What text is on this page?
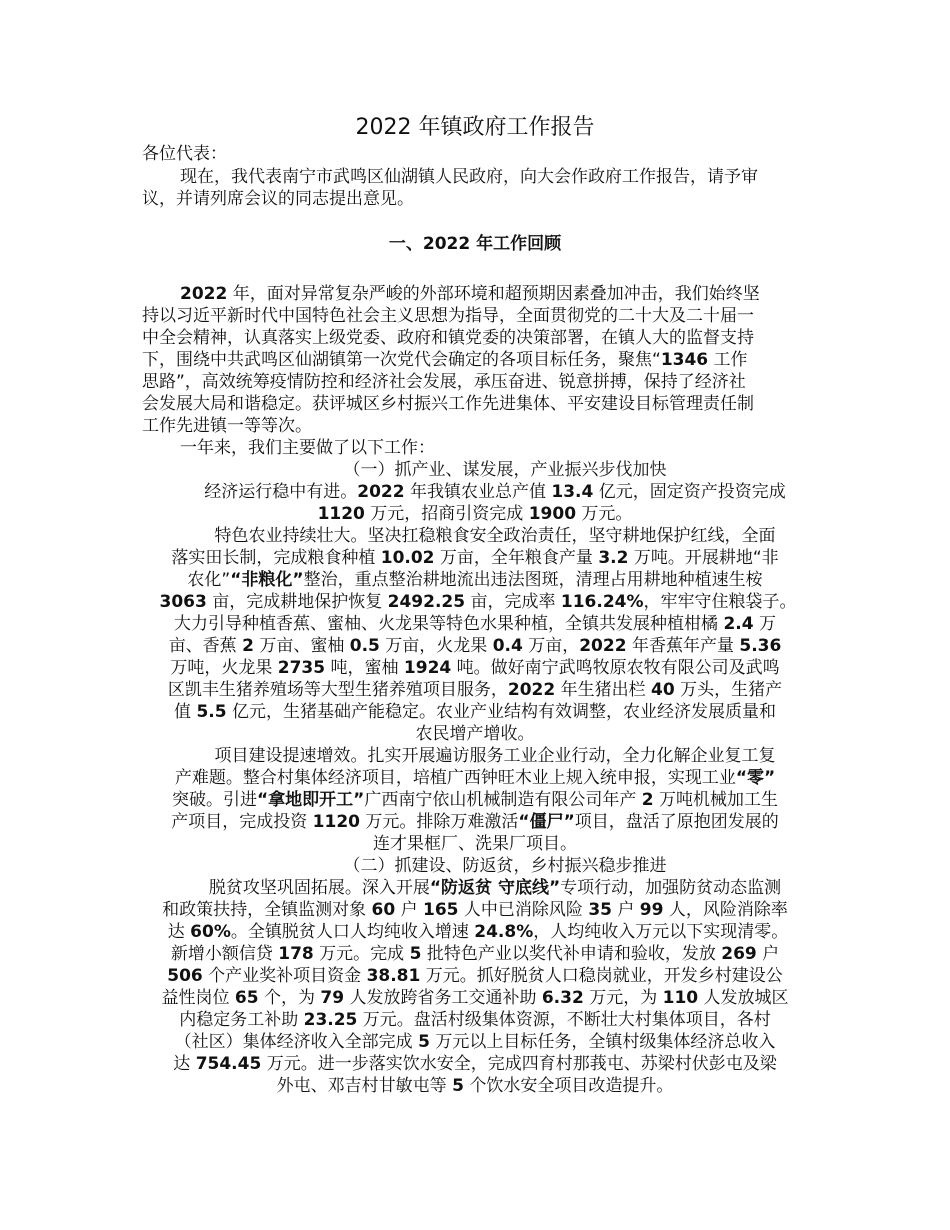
2022 年镇政府工作报告
各位代表：
现在，我代表南宁市武鸣区仙湖镇人民政府，向大会作政府工作报告，请予审
议，并请列席会议的同志提出意见。
一、2022 年工作回顾
2022 年，面对异常复杂严峻的外部环境和超预期因素叠加冲击，我们始终坚
持以习近平新时代中国特色社会主义思想为指导，全面贯彻党的二十大及二十届一
中全会精神，认真落实上级党委、政府和镇党委的决策部署，在镇人大的监督支持
下，围绕中共武鸣区仙湖镇第一次党代会确定的各项目标任务，聚焦“1346 工作
思路”，高效统筹疫情防控和经济社会发展，承压奋进、锐意拼搏，保持了经济社
会发展大局和谐稳定。获评城区乡村振兴工作先进集体、平安建设目标管理责任制
工作先进镇一等等次。
一年来，我们主要做了以下工作：
（一）抓产业、谋发展，产业振兴步伐加快
经济运行稳中有进。2022 年我镇农业总产值 13.4 亿元，固定资产投资完成
1120 万元，招商引资完成 1900 万元。
特色农业持续壮大。坚决扛稳粮食安全政治责任，坚守耕地保护红线，全面
落实田长制，完成粮食种植 10.02 万亩，全年粮食产量 3.2 万吨。开展耕地“非
农化”“非粮化”整治，重点整治耕地流出违法图斑，清理占用耕地种植速生桉
3063 亩，完成耕地保护恢复 2492.25 亩，完成率 116.24%，牢牢守住粮袋子。
大力引导种植香蕉、蜜柚、火龙果等特色水果种植，全镇共发展种植柑橘 2.4 万
亩、香蕉 2 万亩、蜜柚 0.5 万亩，火龙果 0.4 万亩，2022 年香蕉年产量 5.36
万吨，火龙果 2735 吨，蜜柚 1924 吨。做好南宁武鸣牧原农牧有限公司及武鸣
区凯丰生猪养殖场等大型生猪养殖项目服务，2022 年生猪出栏 40 万头，生猪产
值 5.5 亿元，生猪基础产能稳定。农业产业结构有效调整，农业经济发展质量和
农民增产增收。
项目建设提速增效。扎实开展遍访服务工业企业行动，全力化解企业复工复
产难题。整合村集体经济项目，培植广西钟旺木业上规入统申报，实现工业“零”
突破。引进“拿地即开工”广西南宁依山机械制造有限公司年产 2 万吨机械加工生
产项目，完成投资 1120 万元。排除万难激活“僵尸”项目，盘活了原抱团发展的
连才果框厂、洗果厂项目。
（二）抓建设、防返贫，乡村振兴稳步推进
脱贫攻坚巩固拓展。深入开展“防返贫 守底线”专项行动，加强防贫动态监测
和政策扶持，全镇监测对象 60 户 165 人中已消除风险 35 户 99 人，风险消除率
达 60%。全镇脱贫人口人均纯收入增速 24.8%，人均纯收入万元以下实现清零。
新增小额信贷 178 万元。完成 5 批特色产业以奖代补申请和验收，发放 269 户
506 个产业奖补项目资金 38.81 万元。抓好脱贫人口稳岗就业，开发乡村建设公
益性岗位 65 个，为 79 人发放跨省务工交通补助 6.32 万元，为 110 人发放城区
内稳定务工补助 23.25 万元。盘活村级集体资源，不断壮大村集体项目，各村
（社区）集体经济收入全部完成 5 万元以上目标任务，全镇村级集体经济总收入
达 754.45 万元。进一步落实饮水安全，完成四育村那莪屯、苏梁村伏彭屯及梁
外屯、邓吉村甘敏屯等 5 个饮水安全项目改造提升。
